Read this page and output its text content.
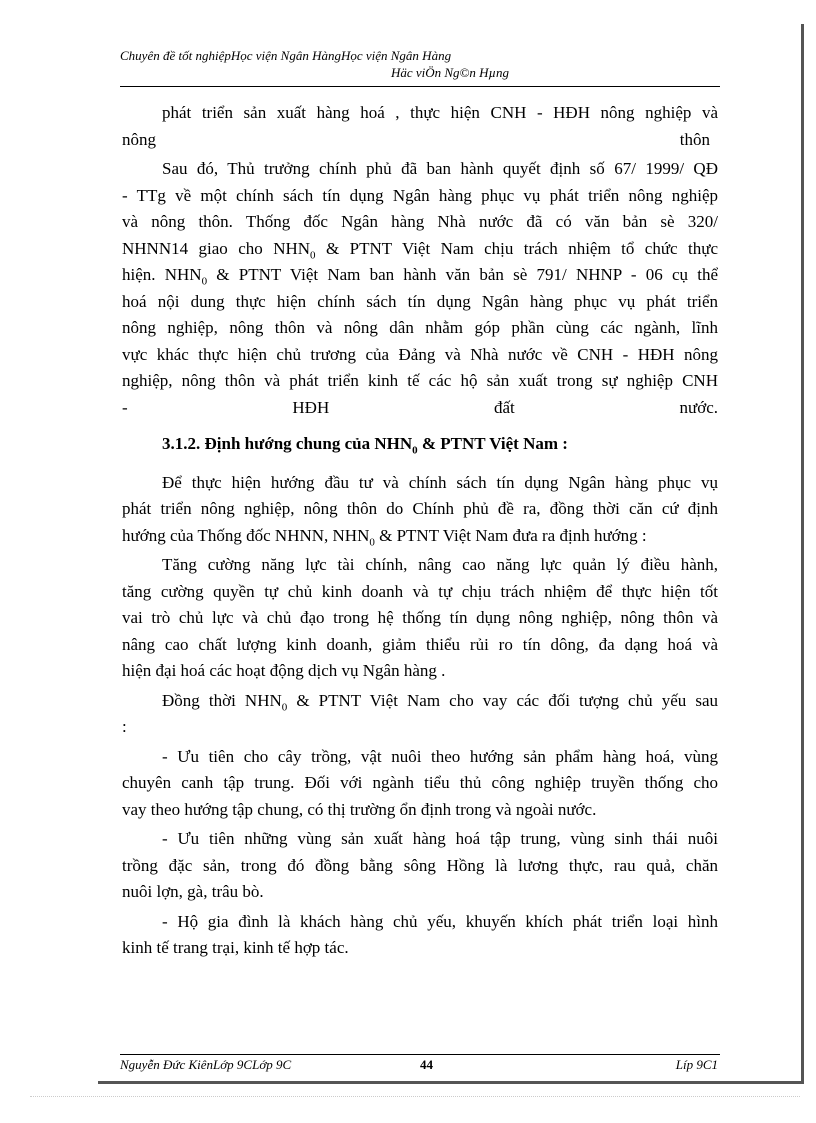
Chuyên đề tốt nghiệpHọc viện Ngân HàngHọc viện Ngân Hàng
Häc viÖn Ng©n Hµng

phát triển sản xuất hàng hoá , thực hiện CNH - HĐH nông nghiệp và

nông	thôn

Sau đó, Thủ trưởng chính phủ đã ban hành quyết định số 67/ 1999/ QĐ

- TTg về một chính sách tín dụng Ngân hàng phục vụ phát triển nông nghiệp

và nông thôn. Thống đốc Ngân hàng Nhà nước đã có văn bản sè 320/

NHNN14 giao cho $NHN_0$ & PTNT Việt Nam chịu trách nhiệm tổ chức thực

hiện. $NHN_0$ & PTNT Việt Nam ban hành văn bản sè 791/ NHNP - 06 cụ thể

hoá nội dung thực hiện chính sách tín dụng Ngân hàng phục vụ phát triển

nông nghiệp, nông thôn và nông dân nhằm góp phần cùng các ngành, lĩnh

vực khác thực hiện chủ trương của Đảng và Nhà nước về CNH - HĐH nông

nghiệp, nông thôn và phát triển kinh tế các hộ sản xuất trong sự nghiệp CNH

- HĐH đất nước.

3.1.2. Định hướng chung của $NHN_0$ & PTNT Việt Nam :

Để thực hiện hướng đầu tư và chính sách tín dụng Ngân hàng phục vụ

phát triển nông nghiệp, nông thôn do Chính phủ đề ra, đồng thời căn cứ định

hướng của Thống đốc NHNN, $NHN_0$ & PTNT Việt Nam đưa ra định hướng :

Tăng cường năng lực tài chính, nâng cao năng lực quản lý điều hành,

tăng cường quyền tự chủ kinh doanh và tự chịu trách nhiệm để thực hiện tốt

vai trò chủ lực và chủ đạo trong hệ thống tín dụng nông nghiệp, nông thôn và

nâng cao chất lượng kinh doanh, giảm thiểu rủi ro tín dông, đa dạng hoá và

hiện đại hoá các hoạt động dịch vụ Ngân hàng .

Đồng thời $NHN_0$ & PTNT Việt Nam cho vay các đối tượng chủ yếu sau

:

- Ưu tiên cho cây trồng, vật nuôi theo hướng sản phẩm hàng hoá, vùng

chuyên canh tập trung. Đối với ngành tiểu thủ công nghiệp truyền thống cho

vay theo hướng tập chung, có thị trường ổn định trong và ngoài nước.

- Ưu tiên những vùng sản xuất hàng hoá tập trung, vùng sinh thái nuôi

trồng đặc sản, trong đó đồng bằng sông Hồng là lương thực, rau quả, chăn

nuôi lợn, gà, trâu bò.

- Hộ gia đình là khách hàng chủ yếu, khuyến khích phát triển loại hình

kinh tế trang trại, kinh tế hợp tác.

Nguyễn Đức KiênLớp 9CLớp 9C	44	Líp 9C1
